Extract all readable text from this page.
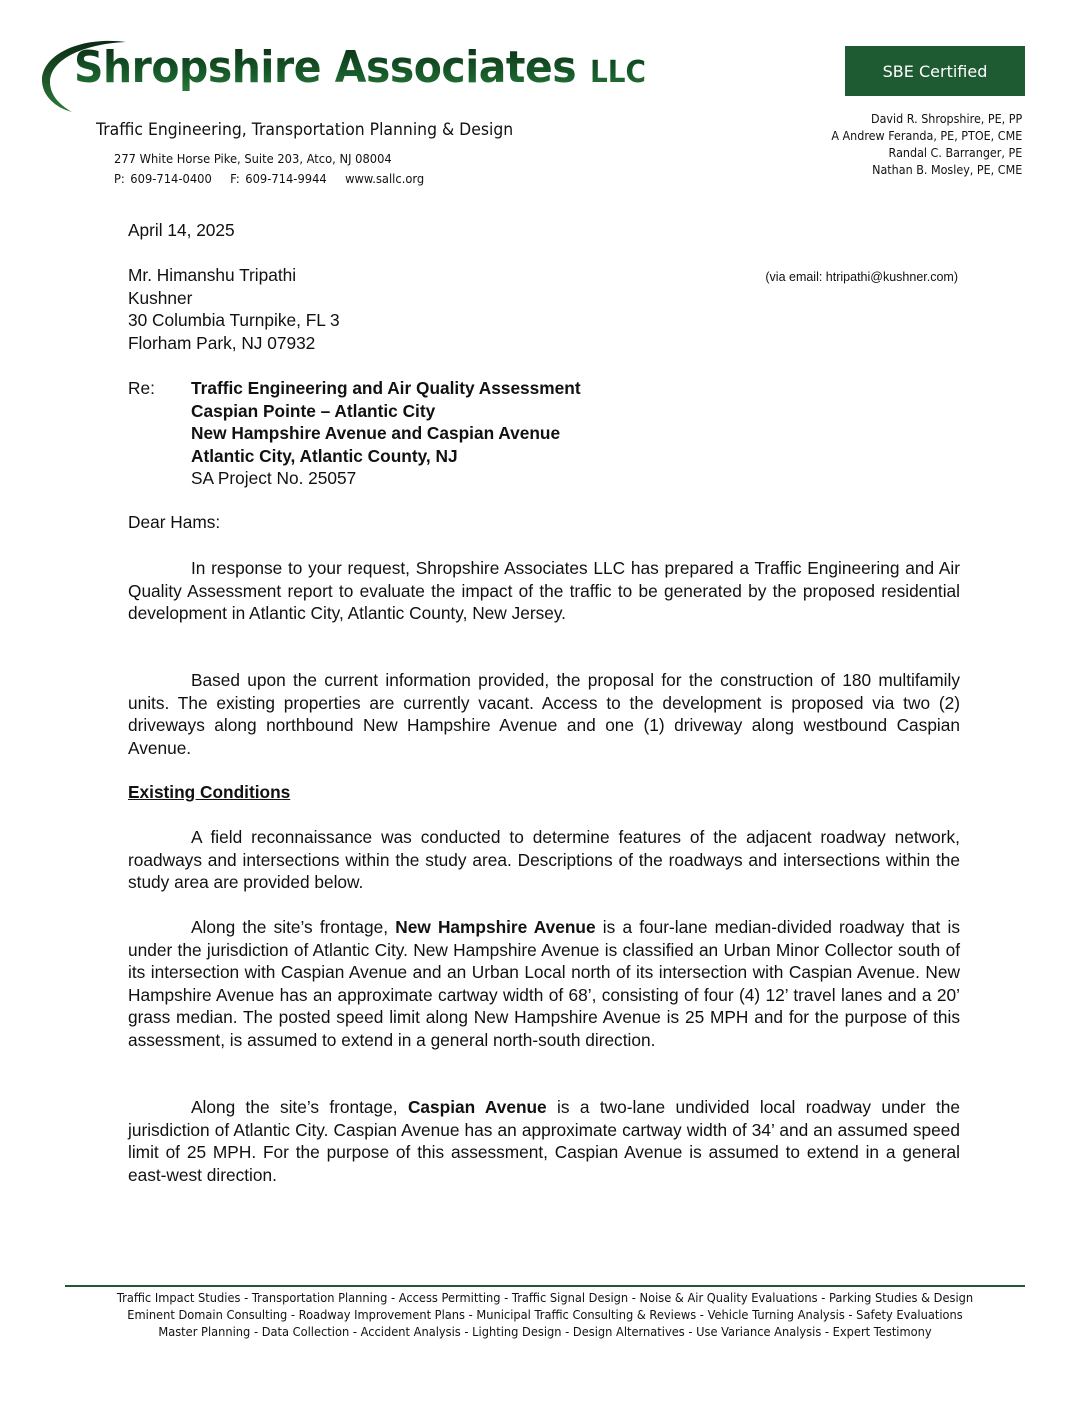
Shropshire Associates LLC
Traffic Engineering, Transportation Planning & Design
277 White Horse Pike, Suite 203, Atco, NJ 08004
P: 609-714-0400 F: 609-714-9944 www.sallc.org
SBE Certified
David R. Shropshire, PE, PP
A Andrew Feranda, PE, PTOE, CME
Randal C. Barranger, PE
Nathan B. Mosley, PE, CME
April 14, 2025
Mr. Himanshu Tripathi
Kushner
30 Columbia Turnpike, FL 3
Florham Park, NJ 07932
(via email: htripathi@kushner.com)
Re:	Traffic Engineering and Air Quality Assessment
Caspian Pointe – Atlantic City
New Hampshire Avenue and Caspian Avenue
Atlantic City, Atlantic County, NJ
SA Project No. 25057
Dear Hams:
In response to your request, Shropshire Associates LLC has prepared a Traffic Engineering and Air Quality Assessment report to evaluate the impact of the traffic to be generated by the proposed residential development in Atlantic City, Atlantic County, New Jersey.
Based upon the current information provided, the proposal for the construction of 180 multifamily units. The existing properties are currently vacant. Access to the development is proposed via two (2) driveways along northbound New Hampshire Avenue and one (1) driveway along westbound Caspian Avenue.
Existing Conditions
A field reconnaissance was conducted to determine features of the adjacent roadway network, roadways and intersections within the study area. Descriptions of the roadways and intersections within the study area are provided below.
Along the site’s frontage, New Hampshire Avenue is a four-lane median-divided roadway that is under the jurisdiction of Atlantic City. New Hampshire Avenue is classified an Urban Minor Collector south of its intersection with Caspian Avenue and an Urban Local north of its intersection with Caspian Avenue. New Hampshire Avenue has an approximate cartway width of 68’, consisting of four (4) 12’ travel lanes and a 20’ grass median. The posted speed limit along New Hampshire Avenue is 25 MPH and for the purpose of this assessment, is assumed to extend in a general north-south direction.
Along the site’s frontage, Caspian Avenue is a two-lane undivided local roadway under the jurisdiction of Atlantic City. Caspian Avenue has an approximate cartway width of 34’ and an assumed speed limit of 25 MPH. For the purpose of this assessment, Caspian Avenue is assumed to extend in a general east-west direction.
Traffic Impact Studies - Transportation Planning - Access Permitting - Traffic Signal Design - Noise & Air Quality Evaluations - Parking Studies & Design
Eminent Domain Consulting - Roadway Improvement Plans - Municipal Traffic Consulting & Reviews - Vehicle Turning Analysis - Safety Evaluations
Master Planning - Data Collection - Accident Analysis - Lighting Design - Design Alternatives - Use Variance Analysis - Expert Testimony
